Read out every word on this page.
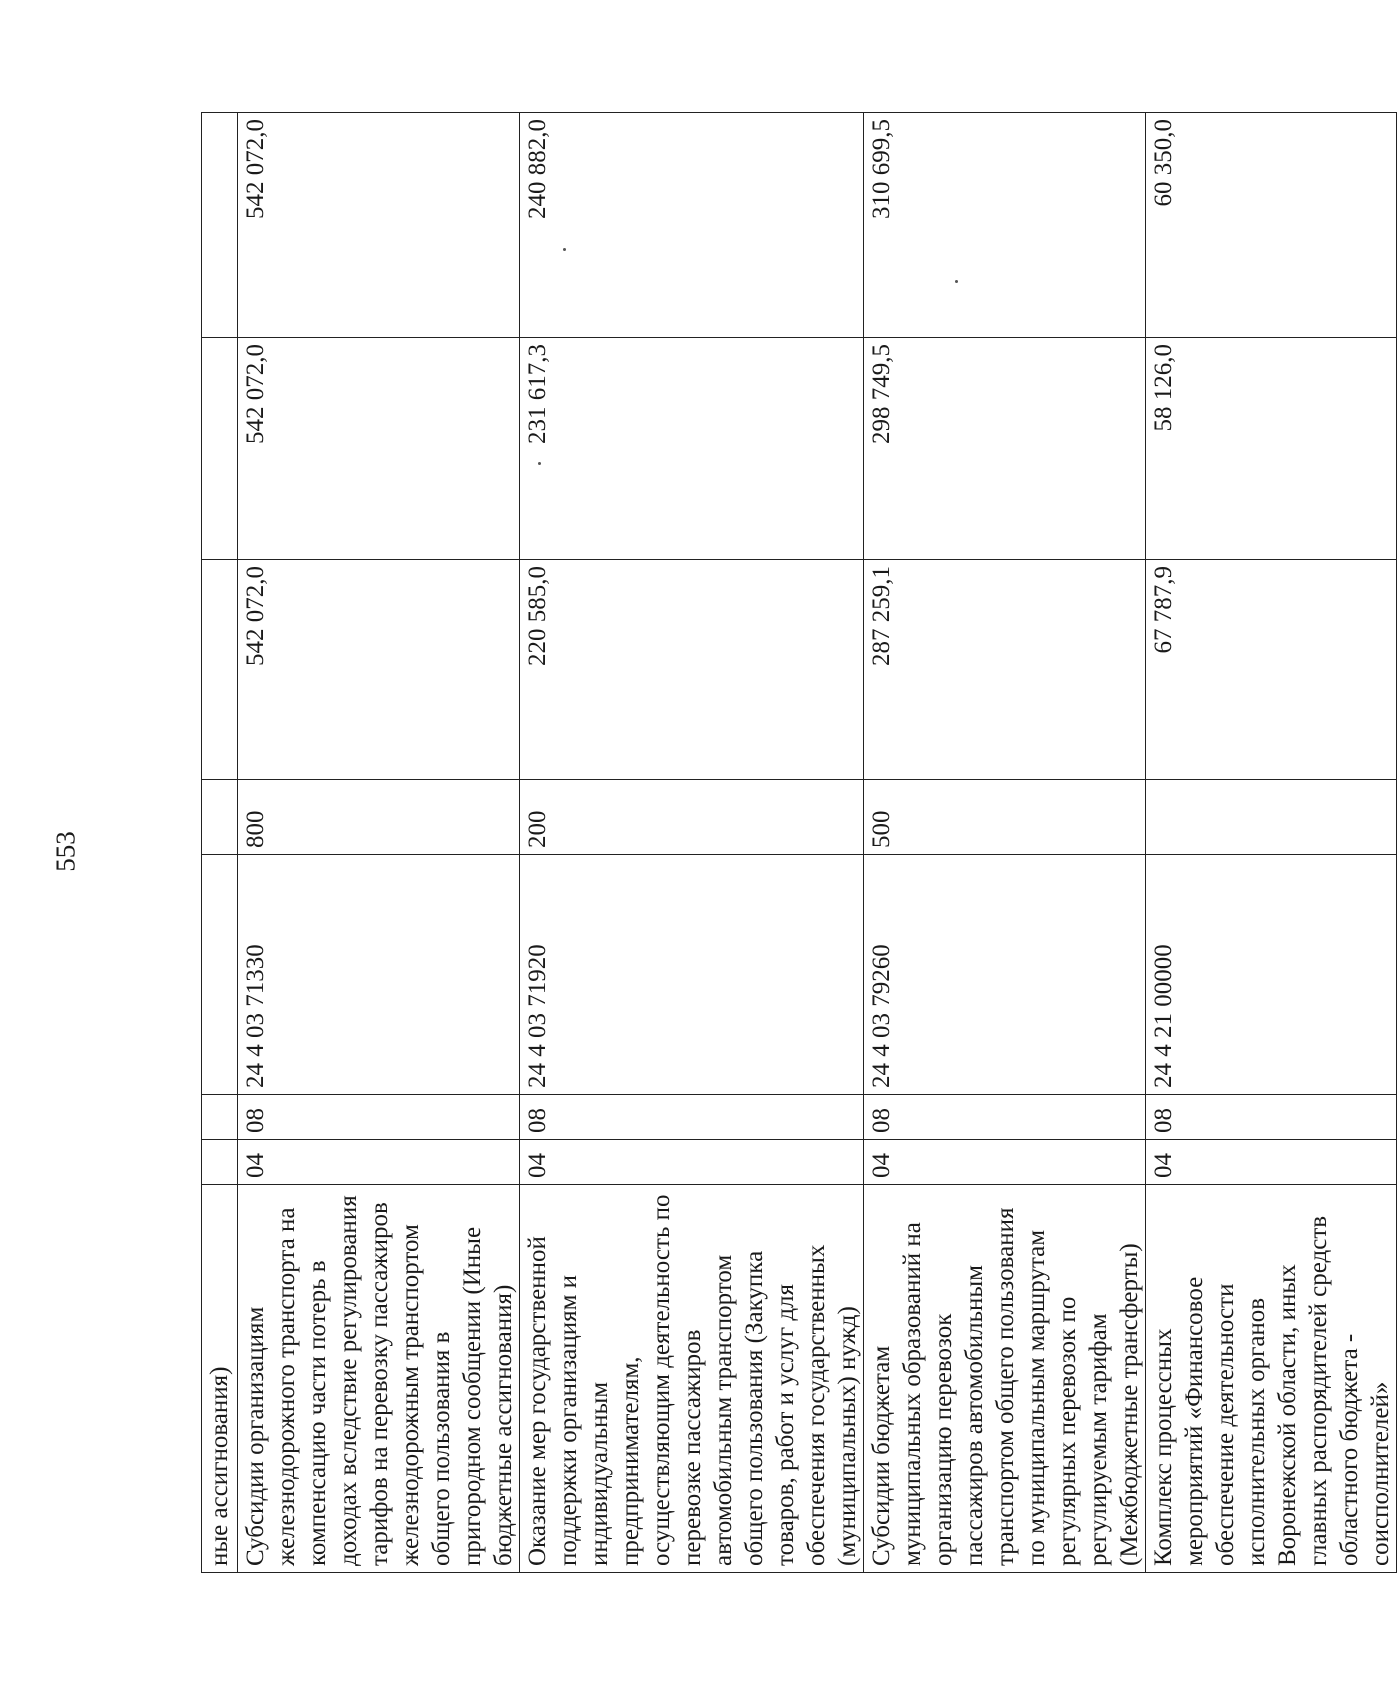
553
ные ассигнования)							
Субсидии организациям железнодорожного транспорта на компенсацию части потерь в доходах вследствие регулирования тарифов на перевозку пассажиров железнодорожным транспортом общего пользования в пригородном сообщении (Иные бюджетные ассигнования)	04	08	24 4 03 71330	800	542 072,0	542 072,0	542 072,0
Оказание мер государственной поддержки организациям и индивидуальным предпринимателям, осуществляющим деятельность по перевозке пассажиров автомобильным транспортом общего пользования (Закупка товаров, работ и услуг для обеспечения государственных (муниципальных) нужд)	04	08	24 4 03 71920	200	220 585,0	231 617,3	240 882,0
Субсидии бюджетам муниципальных образований на организацию перевозок пассажиров автомобильным транспортом общего пользования по муниципальным маршрутам регулярных перевозок по регулируемым тарифам (Межбюджетные трансферты)	04	08	24 4 03 79260	500	287 259,1	298 749,5	310 699,5
Комплекс процессных мероприятий «Финансовое обеспечение деятельности исполнительных органов Воронежской области, иных главных распорядителей средств областного бюджета - соисполнителей»	04	08	24 4 21 00000		67 787,9	58 126,0	60 350,0
